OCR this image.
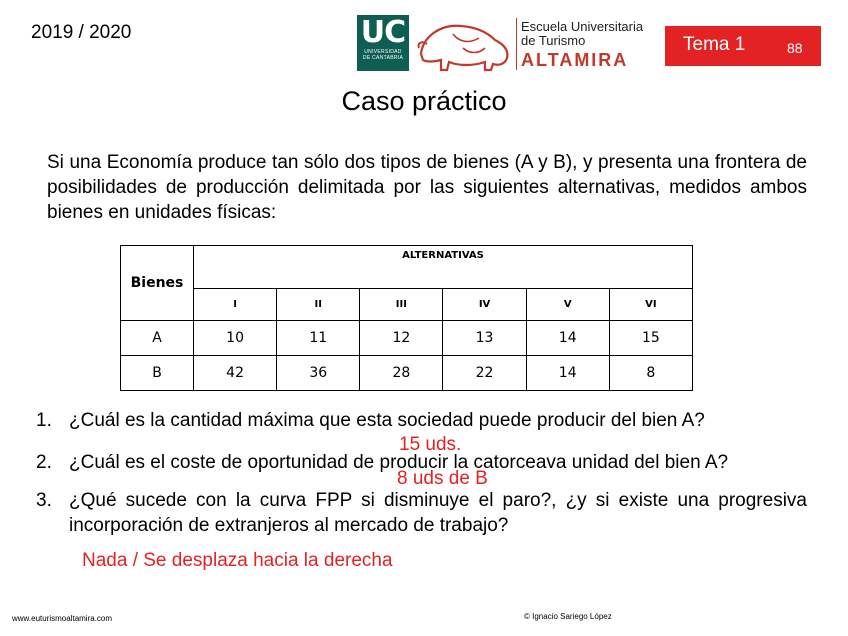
2019 / 2020	UC
UNIVERSIDAD
DE CANTABRIA
Escuela Universitaria
de Turismo
ALTAMIRA
Tema 1	88
Caso práctico
Si una Economía produce tan sólo dos tipos de bienes (A y B), y presenta una frontera de posibilidades de producción delimitada por las siguientes alternativas, medidos ambos bienes en unidades físicas:
Bienes	ALTERNATIVAS					
	I	II	III	IV	V	VI
A	10	11	12	13	14	15
B	42	36	28	22	14	8
1. ¿Cuál es la cantidad máxima que esta sociedad puede producir del bien A?
15 uds.
2. ¿Cuál es el coste de oportunidad de producir la catorceava unidad del bien A?
8 uds de B
3. ¿Qué sucede con la curva FPP si disminuye el paro?, ¿y si existe una progresiva incorporación de extranjeros al mercado de trabajo?
Nada / Se desplaza hacia la derecha
www.euturismoaltamira.com	© Ignacio Sariego López
